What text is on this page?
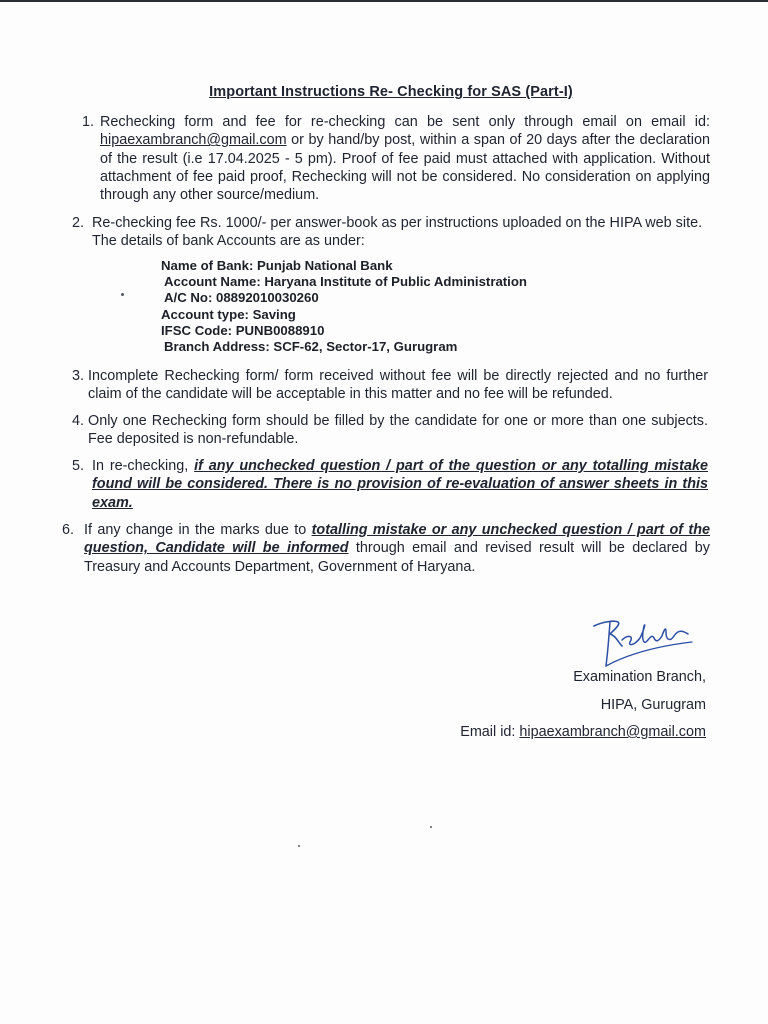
Important Instructions Re- Checking for SAS (Part-I)
1. Rechecking form and fee for re-checking can be sent only through email on email id: hipaexambranch@gmail.com or by hand/by post, within a span of 20 days after the declaration of the result (i.e 17.04.2025 - 5 pm). Proof of fee paid must attached with application. Without attachment of fee paid proof, Rechecking will not be considered. No consideration on applying through any other source/medium.
2. Re-checking fee Rs. 1000/- per answer-book as per instructions uploaded on the HIPA web site. The details of bank Accounts are as under:
Name of Bank: Punjab National Bank
Account Name: Haryana Institute of Public Administration
A/C No: 08892010030260
Account type: Saving
IFSC Code: PUNB0088910
Branch Address: SCF-62, Sector-17, Gurugram
3. Incomplete Rechecking form/ form received without fee will be directly rejected and no further claim of the candidate will be acceptable in this matter and no fee will be refunded.
4. Only one Rechecking form should be filled by the candidate for one or more than one subjects. Fee deposited is non-refundable.
5. In re-checking, if any unchecked question / part of the question or any totalling mistake found will be considered. There is no provision of re-evaluation of answer sheets in this exam.
6. If any change in the marks due to totalling mistake or any unchecked question / part of the question, Candidate will be informed through email and revised result will be declared by Treasury and Accounts Department, Government of Haryana.
Examination Branch,
HIPA, Gurugram
Email id: hipaexambranch@gmail.com
